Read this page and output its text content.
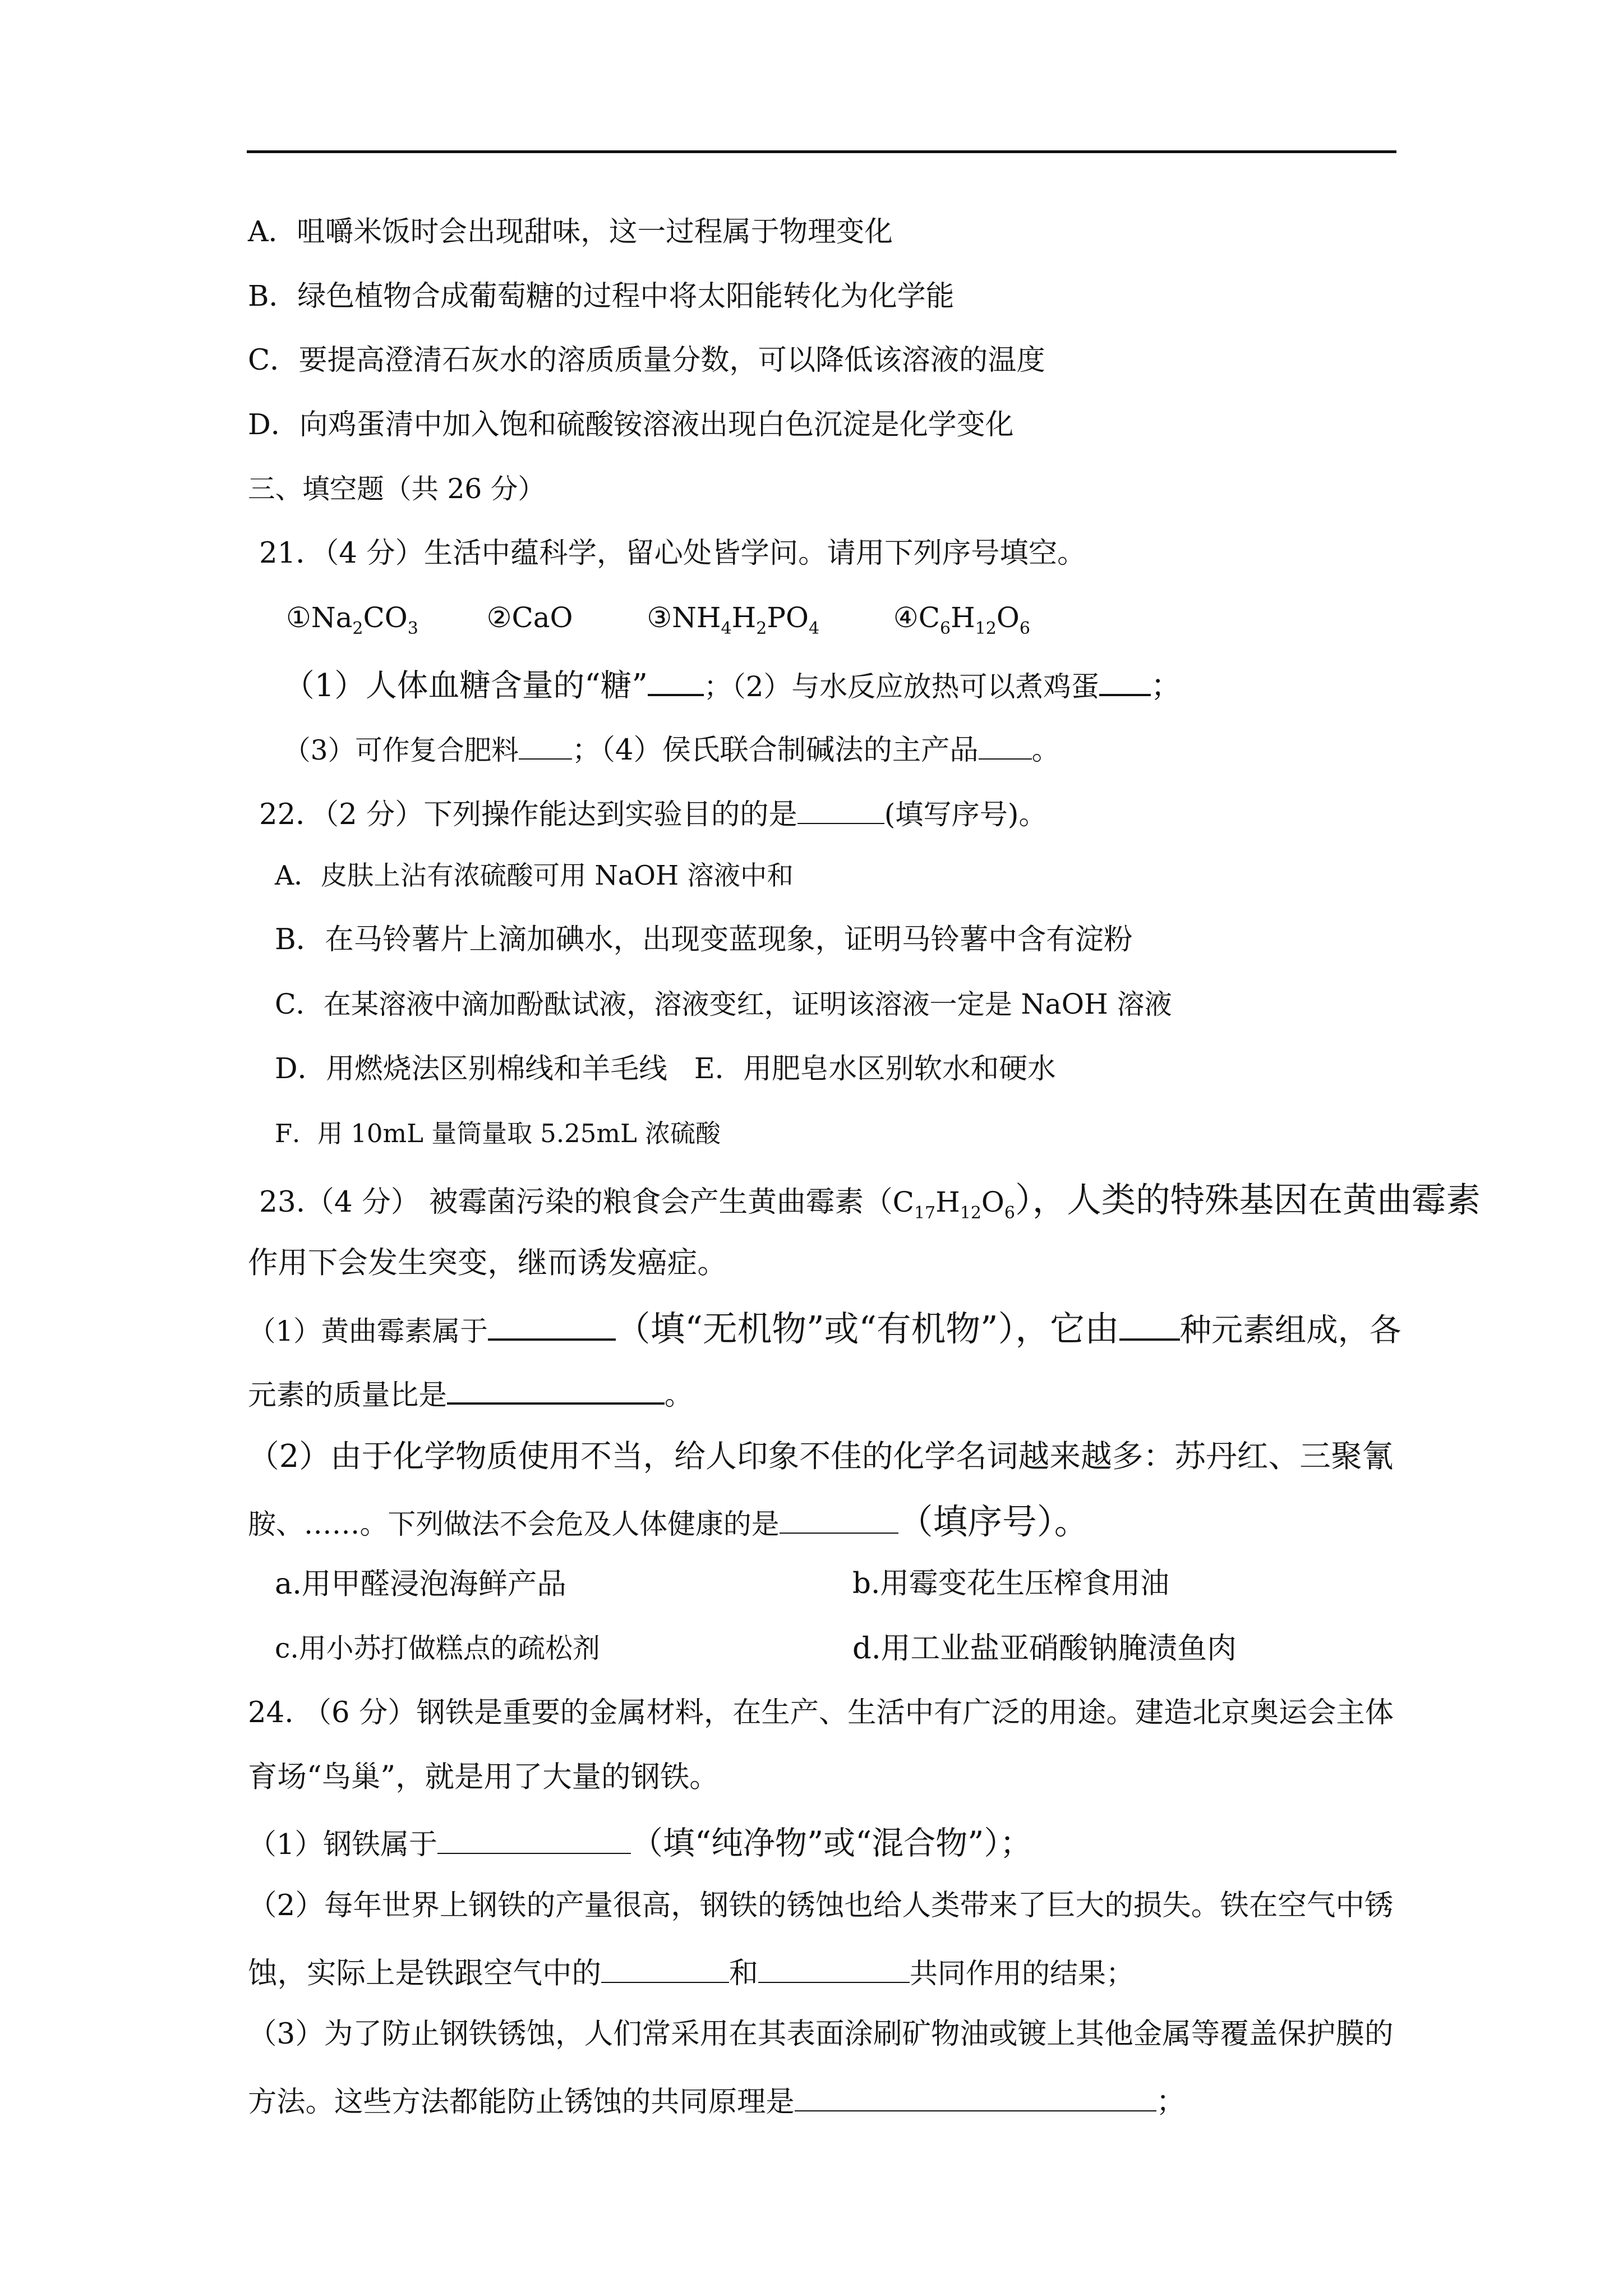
A．咀嚼米饭时会出现甜味，这一过程属于物理变化
B．绿色植物合成葡萄糖的过程中将太阳能转化为化学能
C．要提高澄清石灰水的溶质质量分数，可以降低该溶液的温度
D．向鸡蛋清中加入饱和硫酸铵溶液出现白色沉淀是化学变化
三、填空题（共 26 分）
21．（4 分）生活中蕴科学，留心处皆学问。请用下列序号填空。
$①Na_2CO_3$ ②CaO	$③NH_4H_2PO_4$	$④C_6H_{12}O_6$
（1）人体血糖含量的“糖” ；（2）与水反应放热可以煮鸡蛋 ；
（3）可作复合肥料 ；（4）侯氏联合制碱法的主产品 。
22．（2 分）下列操作能达到实验目的的是	(填写序号)。
A．皮肤上沾有浓硫酸可用 NaOH 溶液中和
B．在马铃薯片上滴加碘水，出现变蓝现象，证明马铃薯中含有淀粉
C．在某溶液中滴加酚酞试液，溶液变红，证明该溶液一定是 NaOH 溶液
D．用燃烧法区别棉线和羊毛线 E．用肥皂水区别软水和硬水
F．用 10mL 量筒量取 5.25mL 浓硫酸
23.（4 分） 被霉菌污染的粮食会产生黄曲霉素$(C_{17}H_{12}O_6)$，人类的特殊基因在黄曲霉素
作用下会发生突变，继而诱发癌症。
（1）黄曲霉素属于	（填“无机物”或“有机物”），它由 种元素组成，各
元素的质量比是	。
（2）由于化学物质使用不当，给人印象不佳的化学名词越来越多：苏丹红、三聚氰
胺、……。下列做法不会危及人体健康的是	（填序号）。
a.用甲醛浸泡海鲜产品	b.用霉变花生压榨食用油
c.用小苏打做糕点的疏松剂	d.用工业盐亚硝酸钠腌渍鱼肉
24. （6 分）钢铁是重要的金属材料，在生产、生活中有广泛的用途。建造北京奥运会主体
育场“鸟巢”，就是用了大量的钢铁。
（1）钢铁属于	（填“纯净物”或“混合物”）；
（2）每年世界上钢铁的产量很高，钢铁的锈蚀也给人类带来了巨大的损失。铁在空气中锈
蚀，实际上是铁跟空气中的	和	共同作用的结果；
（3）为了防止钢铁锈蚀，人们常采用在其表面涂刷矿物油或镀上其他金属等覆盖保护膜的
方法。这些方法都能防止锈蚀的共同原理是	；
